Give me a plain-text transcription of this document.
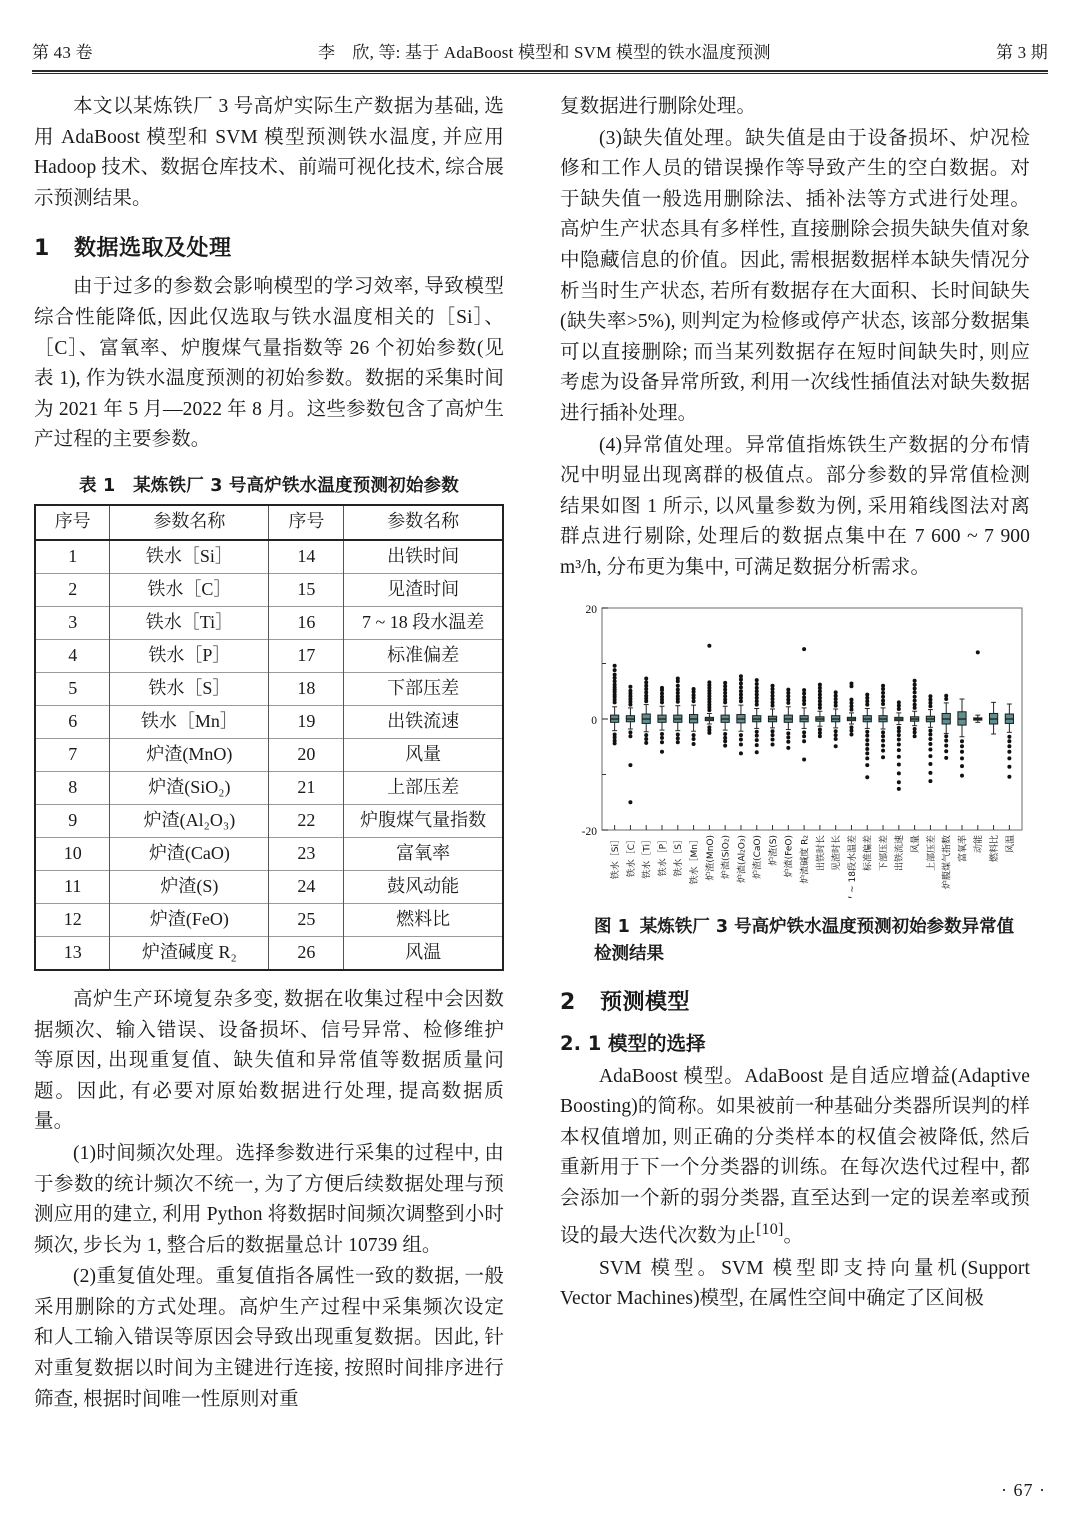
第 43 卷	李　欣, 等: 基于 AdaBoost 模型和 SVM 模型的铁水温度预测	第 3 期

本文以某炼铁厂 3 号高炉实际生产数据为基础, 选用 AdaBoost 模型和 SVM 模型预测铁水温度, 并应用 Hadoop 技术、数据仓库技术、前端可视化技术, 综合展示预测结果。

1 数据选取及处理

由于过多的参数会影响模型的学习效率, 导致模型综合性能降低, 因此仅选取与铁水温度相关的［Si］、［C］、富氧率、炉腹煤气量指数等 26 个初始参数(见表 1), 作为铁水温度预测的初始参数。数据的采集时间为 2021 年 5 月—2022 年 8 月。这些参数包含了高炉生产过程的主要参数。

表 1　某炼铁厂 3 号高炉铁水温度预测初始参数
序号	参数名称	序号	参数名称
1	铁水［Si］	14	出铁时间
2	铁水［C］	15	见渣时间
3	铁水［Ti］	16	7 ~ 18 段水温差
4	铁水［P］	17	标准偏差
5	铁水［S］	18	下部压差
6	铁水［Mn］	19	出铁流速
7	炉渣(MnO)	20	风量
8	炉渣(SiO₂)	21	上部压差
9	炉渣(Al₂O₃)	22	炉腹煤气量指数
10	炉渣(CaO)	23	富氧率
11	炉渣(S)	24	鼓风动能
12	炉渣(FeO)	25	燃料比
13	炉渣碱度 R₂	26	风温

高炉生产环境复杂多变, 数据在收集过程中会因数据频次、输入错误、设备损坏、信号异常、检修维护等原因, 出现重复值、缺失值和异常值等数据质量问题。因此, 有必要对原始数据进行处理, 提高数据质量。

(1)时间频次处理。选择参数进行采集的过程中, 由于参数的统计频次不统一, 为了方便后续数据处理与预测应用的建立, 利用 Python 将数据时间频次调整到小时频次, 步长为 1, 整合后的数据量总计 10739 组。

(2)重复值处理。重复值指各属性一致的数据, 一般采用删除的方式处理。高炉生产过程中采集频次设定和人工输入错误等原因会导致出现重复数据。因此, 针对重复数据以时间为主键进行连接, 按照时间排序进行筛查, 根据时间唯一性原则对重

复数据进行删除处理。

(3)缺失值处理。缺失值是由于设备损坏、炉况检修和工作人员的错误操作等导致产生的空白数据。对于缺失值一般选用删除法、插补法等方式进行处理。高炉生产状态具有多样性, 直接删除会损失缺失值对象中隐藏信息的价值。因此, 需根据数据样本缺失情况分析当时生产状态, 若所有数据存在大面积、长时间缺失(缺失率>5%), 则判定为检修或停产状态, 该部分数据集可以直接删除; 而当某列数据存在短时间缺失时, 则应考虑为设备异常所致, 利用一次线性插值法对缺失数据进行插补处理。

(4)异常值处理。异常值指炼铁生产数据的分布情况中明显出现离群的极值点。部分参数的异常值检测结果如图 1 所示, 以风量参数为例, 采用箱线图法对离群点进行剔除, 处理后的数据点集中在 7 600 ~ 7 900 m³/h, 分布更为集中, 可满足数据分析需求。

20
0
-20
铁水［Si］ 铁水［C］ 铁水［Ti］ 铁水［P］ 铁水［S］ 铁水［Mn］ 炉渣(MnO) 炉渣(SiO₂) 炉渣(Al₂O₃) 炉渣(CaO) 炉渣(S) 炉渣(FeO) 炉渣碱度 R₂ 出铁时长 见渣时长 7 ~ 18段水温差 标准偏差 下部压差 出铁流速 风量 上部压差 炉腹煤气指数 富氧率 动能 燃料比 风温

图 1 某炼铁厂 3 号高炉铁水温度预测初始参数异常值检测结果

2 预测模型
2. 1 模型的选择

AdaBoost 模型。AdaBoost 是自适应增益(Adaptive Boosting)的简称。如果被前一种基础分类器所误判的样本权值增加, 则正确的分类样本的权值会被降低, 然后重新用于下一个分类器的训练。在每次迭代过程中, 都会添加一个新的弱分类器, 直至达到一定的误差率或预设的最大迭代次数为止[10]。

SVM 模型。SVM 模型即支持向量机(Support Vector Machines)模型, 在属性空间中确定了区间极

· 67 ·
